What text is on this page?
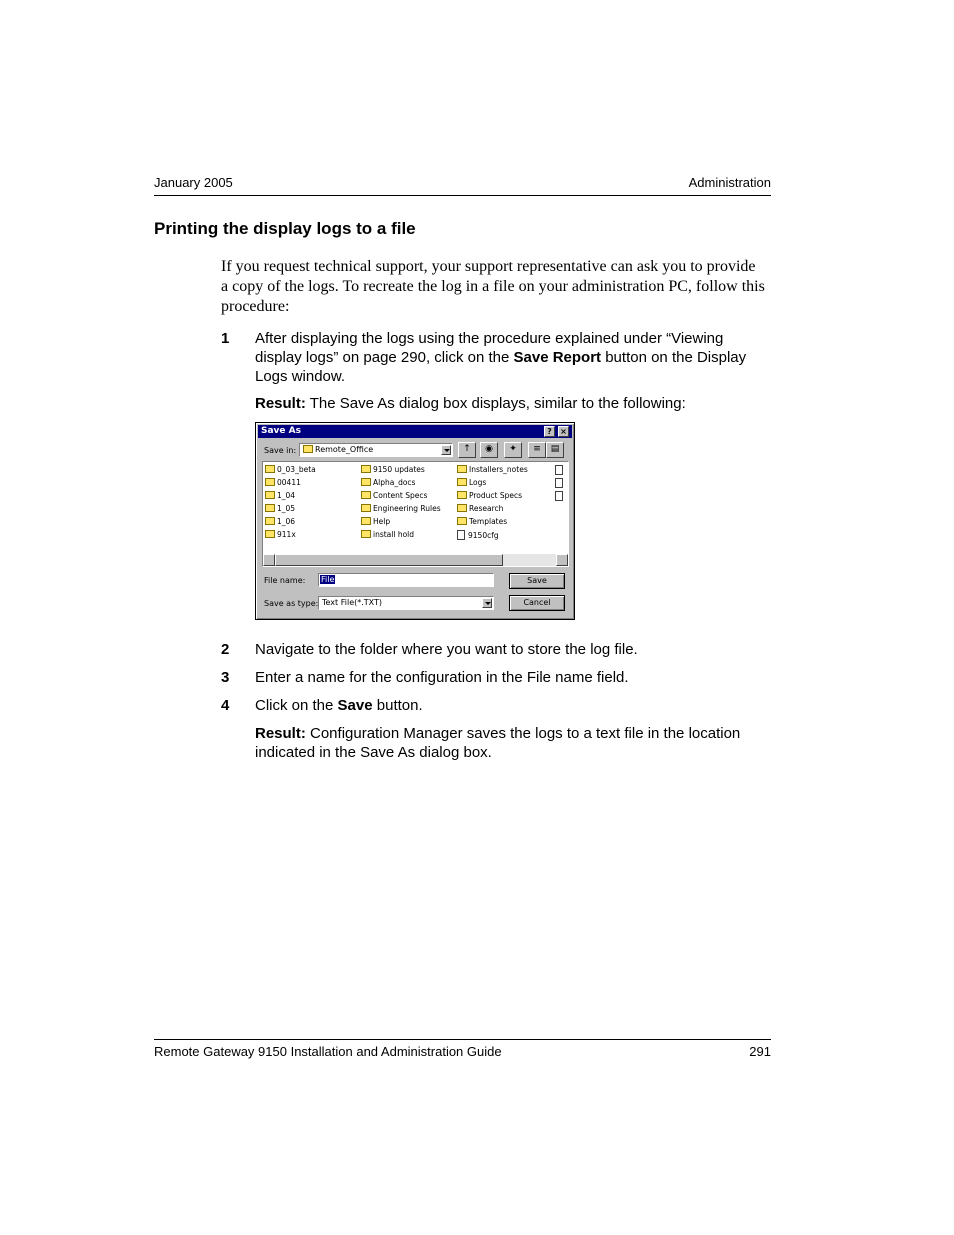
January 2005	Administration
Printing the display logs to a file

If you request technical support, your support representative can ask you to provide a copy of the logs. To recreate the log in a file on your administration PC, follow this procedure:

1 After displaying the logs using the procedure explained under “Viewing display logs” on page 290, click on the Save Report button on the Display Logs window.
Result: The Save As dialog box displays, similar to the following:
Save As	?	×
Save in:	Remote_Office	↑	◉	✦	≡	▤
0_03_beta
00411
1_04
1_05
1_06
911x
9150 updates
Alpha_docs
Content Specs
Engineering Rules
Help
install hold
Installers_notes
Logs
Product Specs
Research
Templates
9150cfg
File name: File
Save as type: Text File(*.TXT)
Save
Cancel
2 Navigate to the folder where you want to store the log file.
3 Enter a name for the configuration in the File name field.
4 Click on the Save button.
Result: Configuration Manager saves the logs to a text file in the location indicated in the Save As dialog box.
Remote Gateway 9150 Installation and Administration Guide	291
